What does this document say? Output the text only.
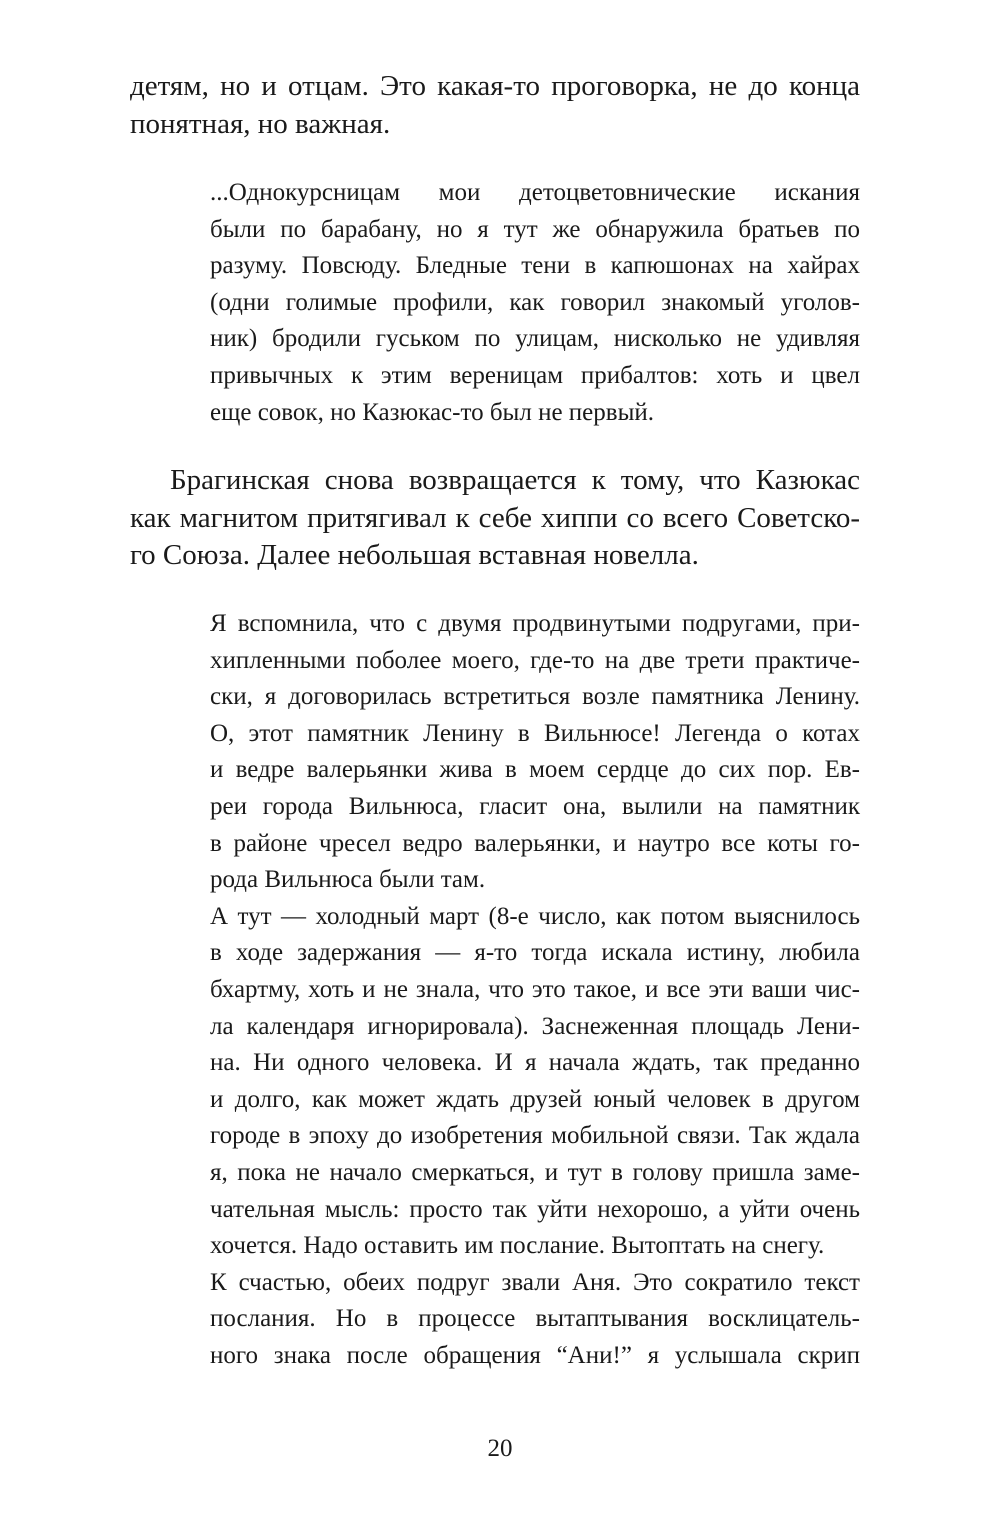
детям, но и отцам. Это какая-то проговорка, не до конца
понятная, но важная.
...Однокурсницам мои детоцветовнические искания
были по барабану, но я тут же обнаружила братьев по
разуму. Повсюду. Бледные тени в капюшонах на хайрах
(одни голимые профили, как говорил знакомый уголов-
ник) бродили гуськом по улицам, нисколько не удивляя
привычных к этим вереницам прибалтов: хоть и цвел
еще совок, но Казюкас-то был не первый.
Брагинская снова возвращается к тому, что Казюкас
как магнитом притягивал к себе хиппи со всего Советско-
го Союза. Далее небольшая вставная новелла.
Я вспомнила, что с двумя продвинутыми подругами, при-
хипленными поболее моего, где-то на две трети практиче-
ски, я договорилась встретиться возле памятника Ленину.
О, этот памятник Ленину в Вильнюсе! Легенда о котах
и ведре валерьянки жива в моем сердце до сих пор. Ев-
реи города Вильнюса, гласит она, вылили на памятник
в районе чресел ведро валерьянки, и наутро все коты го-
рода Вильнюса были там.
А тут — холодный март (8-е число, как потом выяснилось
в ходе задержания — я-то тогда искала истину, любила
бхартму, хоть и не знала, что это такое, и все эти ваши чис-
ла календаря игнорировала). Заснеженная площадь Лени-
на. Ни одного человека. И я начала ждать, так преданно
и долго, как может ждать друзей юный человек в другом
городе в эпоху до изобретения мобильной связи. Так ждала
я, пока не начало смеркаться, и тут в голову пришла заме-
чательная мысль: просто так уйти нехорошо, а уйти очень
хочется. Надо оставить им послание. Вытоптать на снегу.
К счастью, обеих подруг звали Аня. Это сократило текст
послания. Но в процессе вытаптывания восклицатель-
ного знака после обращения “Ани!” я услышала скрип
20
